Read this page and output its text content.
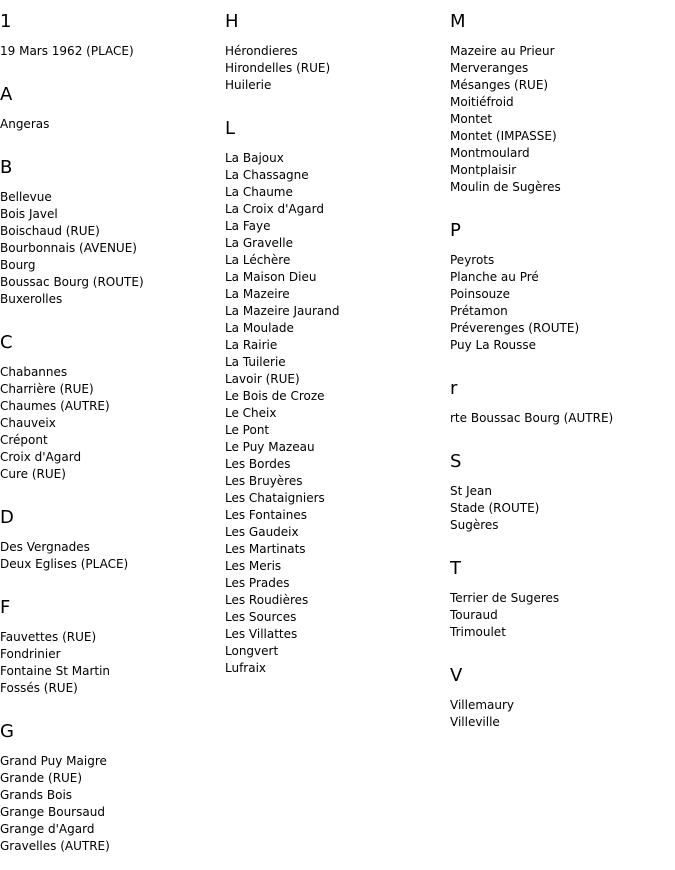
1
19 Mars 1962 (PLACE)
A
Angeras
B
Bellevue
Bois Javel
Boischaud (RUE)
Bourbonnais (AVENUE)
Bourg
Boussac Bourg (ROUTE)
Buxerolles
C
Chabannes
Charrière (RUE)
Chaumes (AUTRE)
Chauveix
Crépont
Croix d'Agard
Cure (RUE)
D
Des Vergnades
Deux Eglises (PLACE)
F
Fauvettes (RUE)
Fondrinier
Fontaine St Martin
Fossés (RUE)
G
Grand Puy Maigre
Grande (RUE)
Grands Bois
Grange Boursaud
Grange d'Agard
Gravelles (AUTRE)
H
Hérondieres
Hirondelles (RUE)
Huilerie
L
La Bajoux
La Chassagne
La Chaume
La Croix d'Agard
La Faye
La Gravelle
La Léchère
La Maison Dieu
La Mazeire
La Mazeire Jaurand
La Moulade
La Rairie
La Tuilerie
Lavoir (RUE)
Le Bois de Croze
Le Cheix
Le Pont
Le Puy Mazeau
Les Bordes
Les Bruyères
Les Chataigniers
Les Fontaines
Les Gaudeix
Les Martinats
Les Meris
Les Prades
Les Roudières
Les Sources
Les Villattes
Longvert
Lufraix
M
Mazeire au Prieur
Merveranges
Mésanges (RUE)
Moitiéfroid
Montet
Montet (IMPASSE)
Montmoulard
Montplaisir
Moulin de Sugères
P
Peyrots
Planche au Pré
Poinsouze
Prétamon
Préverenges (ROUTE)
Puy La Rousse
r
rte Boussac Bourg (AUTRE)
S
St Jean
Stade (ROUTE)
Sugères
T
Terrier de Sugeres
Touraud
Trimoulet
V
Villemaury
Villeville
